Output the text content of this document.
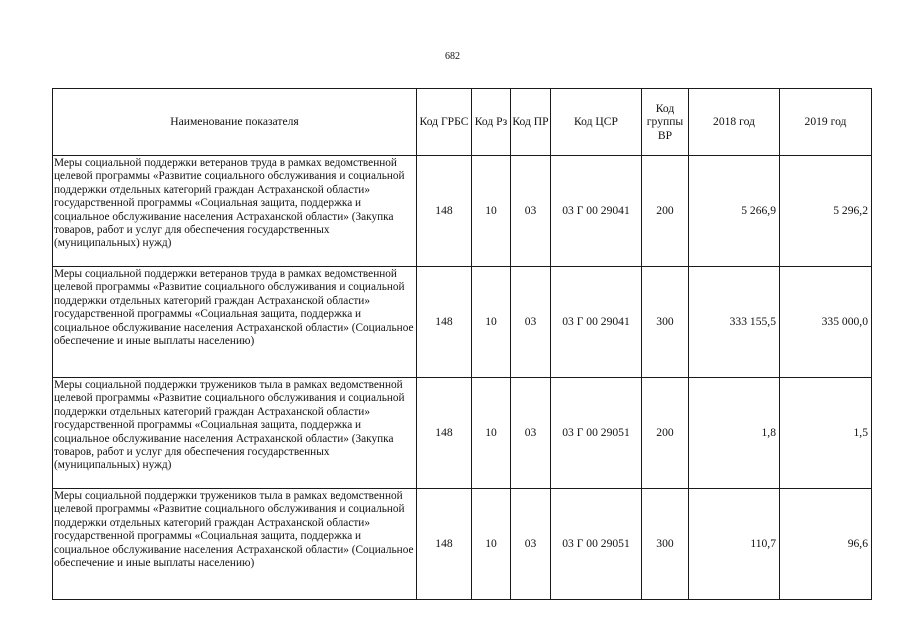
682
Наименование показателя	Код ГРБС	Код Рз	Код ПР	Код ЦСР	Код группы ВР	2018 год	2019 год
Меры социальной поддержки ветеранов труда в рамках ведомственной целевой программы «Развитие социального обслуживания и социальной поддержки отдельных категорий граждан Астраханской области» государственной программы «Социальная защита, поддержка и социальное обслуживание населения Астраханской области» (Закупка товаров, работ и услуг для обеспечения государственных (муниципальных) нужд)	148	10	03	03 Г 00 29041	200	5 266,9	5 296,2
Меры социальной поддержки ветеранов труда в рамках ведомственной целевой программы «Развитие социального обслуживания и социальной поддержки отдельных категорий граждан Астраханской области» государственной программы «Социальная защита, поддержка и социальное обслуживание населения Астраханской области» (Социальное обеспечение и иные выплаты населению)	148	10	03	03 Г 00 29041	300	333 155,5	335 000,0
Меры социальной поддержки тружеников тыла в рамках ведомственной целевой программы «Развитие социального обслуживания и социальной поддержки отдельных категорий граждан Астраханской области» государственной программы «Социальная защита, поддержка и социальное обслуживание населения Астраханской области» (Закупка товаров, работ и услуг для обеспечения государственных (муниципальных) нужд)	148	10	03	03 Г 00 29051	200	1,8	1,5
Меры социальной поддержки тружеников тыла в рамках ведомственной целевой программы «Развитие социального обслуживания и социальной поддержки отдельных категорий граждан Астраханской области» государственной программы «Социальная защита, поддержка и социальное обслуживание населения Астраханской области» (Социальное обеспечение и иные выплаты населению)	148	10	03	03 Г 00 29051	300	110,7	96,6
